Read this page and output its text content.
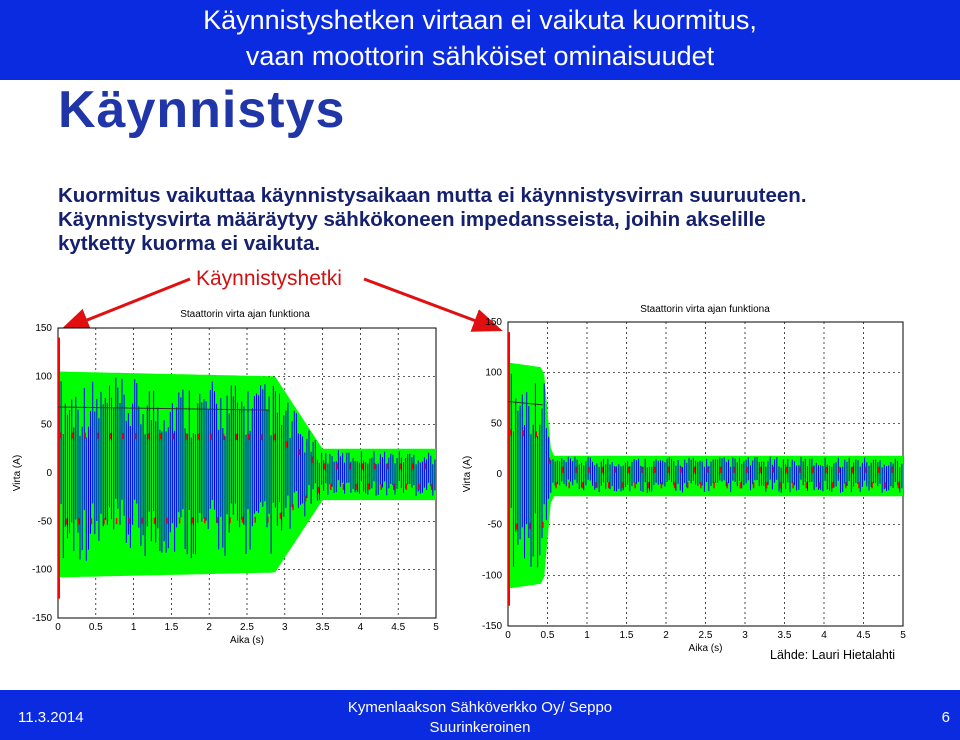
Käynnistyshetken virtaan ei vaikuta kuormitus,
vaan moottorin sähköiset ominaisuudet
Käynnistys
Kuormitus vaikuttaa käynnistysaikaan mutta ei käynnistysvirran suuruuteen.
Käynnistysvirta määräytyy sähkökoneen impedansseista, joihin akselille
kytketty kuorma ei vaikuta.
Käynnistyshetki
0	0.5	1	1.5	2	2.5	3	3.5	4	4.5	5
150
100
50
0
-50
-100
-150
Staattorin virta ajan funktiona
Aika (s)
Virta (A)
0	0.5	1	1.5	2	2.5	3	3.5	4	4.5	5
150
100
50
0
-50
-100
-150
Staattorin virta ajan funktiona
Aika (s)
Virta (A)
Lähde: Lauri Hietalahti
11.3.2014
Kymenlaakson Sähköverkko Oy/ Seppo
Suurinkeroinen
6
